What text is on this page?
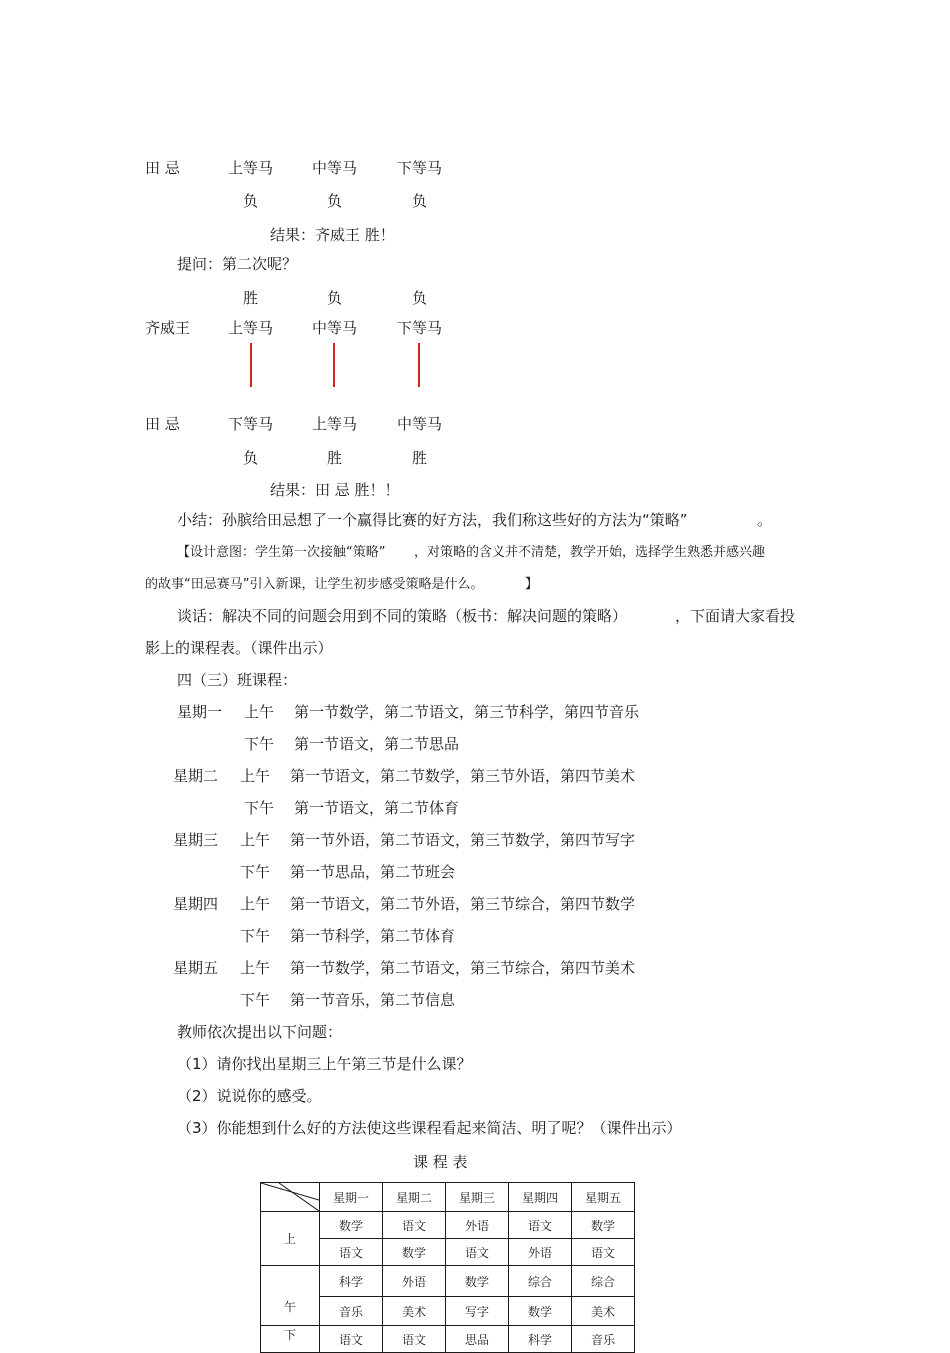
田 忌	上等马	中等马	下等马
负	负	负
结果：齐威王 胜！
提问：第二次呢？
胜	负	负
齐威王	上等马	中等马	下等马
田 忌	下等马	上等马	中等马
负	胜	胜
结果：田 忌 胜！！
小结：孙膑给田忌想了一个赢得比赛的好方法，我们称这些好的方法为“策略”	。
【设计意图：学生第一次接触“策略” ，对策略的含义并不清楚，教学开始，选择学生熟悉并感兴趣
的故事“田忌赛马”引入新课，让学生初步感受策略是什么。	】
谈话：解决不同的问题会用到不同的策略（板书：解决问题的策略）	，下面请大家看投
影上的课程表。（课件出示）
四（三）班课程：
星期一 上午 第一节数学，第二节语文，第三节科学，第四节音乐
下午 第一节语文，第二节思品
星期二 上午 第一节语文，第二节数学，第三节外语，第四节美术
下午 第一节语文，第二节体育
星期三 上午 第一节外语，第二节语文，第三节数学，第四节写字
下午 第一节思品，第二节班会
星期四 上午 第一节语文，第二节外语，第三节综合，第四节数学
下午 第一节科学，第二节体育
星期五 上午 第一节数学，第二节语文，第三节综合，第四节美术
下午 第一节音乐，第二节信息
教师依次提出以下问题：
（1）请你找出星期三上午第三节是什么课？
（2）说说你的感受。
（3）你能想到什么好的方法使这些课程看起来简洁、明了呢？（课件出示）
课 程 表
	星期一	星期二	星期三	星期四	星期五
上	数学	语文	外语	语文	数学
	语文	数学	语文	外语	语文
午	科学	外语	数学	综合	综合
	音乐	美术	写字	数学	美术
下	语文	语文	思品	科学	音乐
